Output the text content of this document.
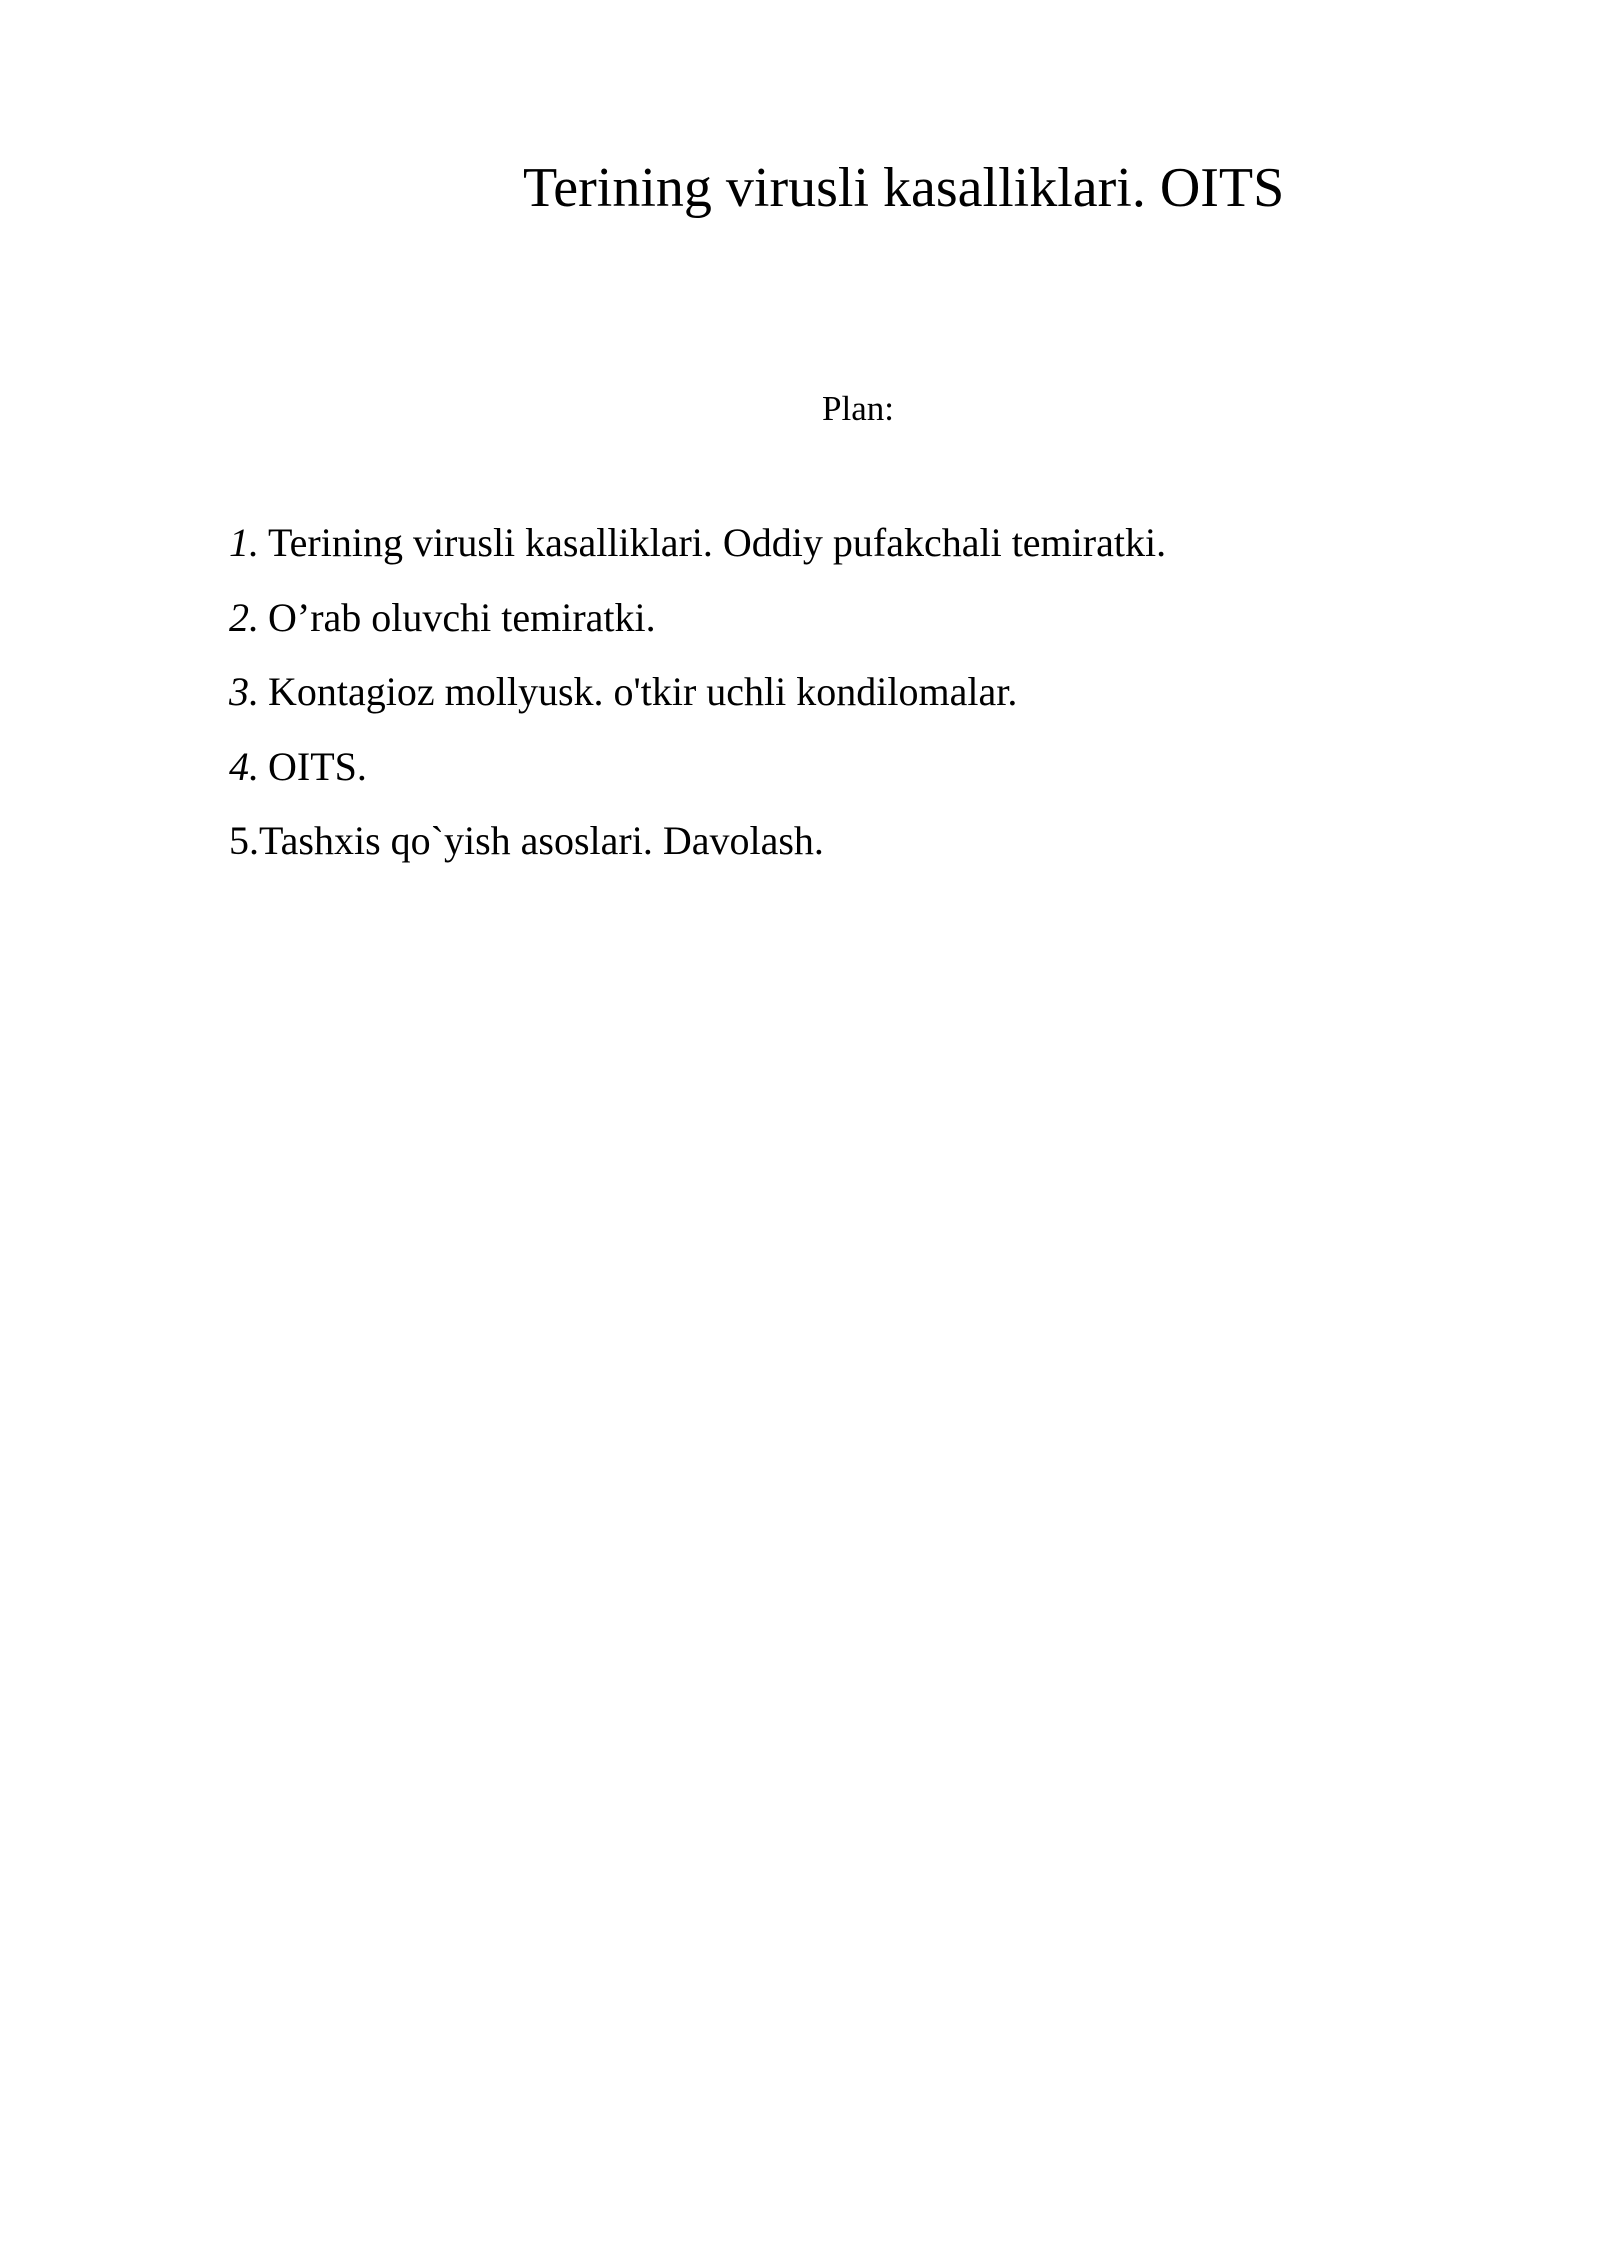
Terining virusli kasalliklari. OITS
Plan:
1. Terining virusli kasalliklari. Oddiy pufakchali temiratki.
2. O’rab oluvchi temiratki.
3. Kontagioz mollyusk. o'tkir uchli kondilomalar.
4. OITS.
5.Tashxis qo`yish asoslari. Davolash.
